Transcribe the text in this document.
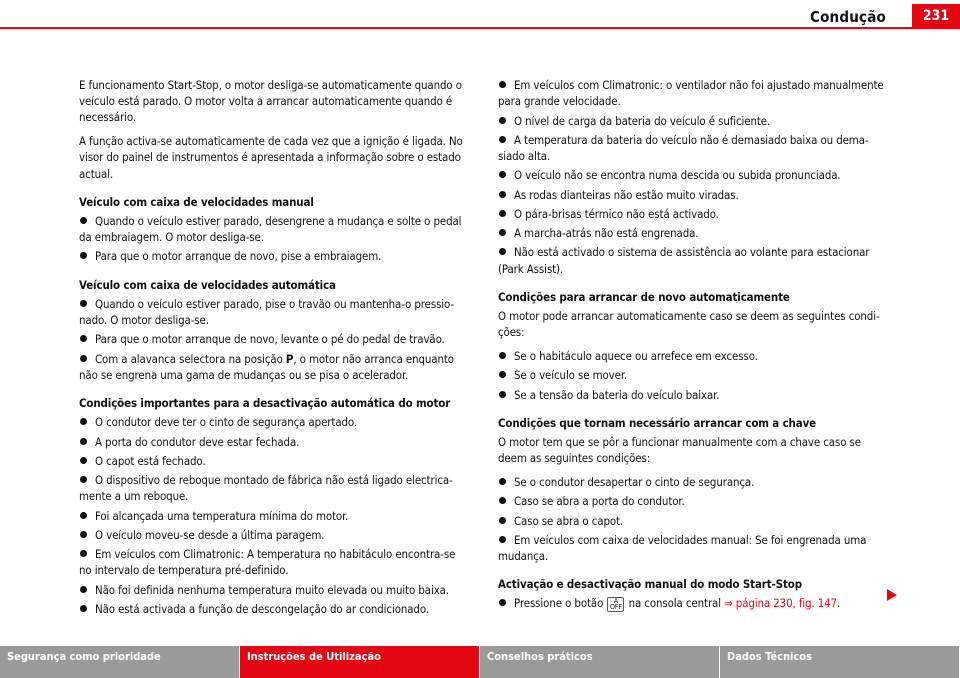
Condução	231

E funcionamento Start-Stop, o motor desliga-se automaticamente quando o veículo está parado. O motor volta a arrancar automaticamente quando é necessário.

A função activa-se automaticamente de cada vez que a ignição é ligada. No visor do painel de instrumentos é apresentada a informação sobre o estado actual.

Veículo com caixa de velocidades manual

Quando o veículo estiver parado, desengrene a mudança e solte o pedal da embraiagem. O motor desliga-se.

Para que o motor arranque de novo, pise a embraiagem.

Veículo com caixa de velocidades automática

Quando o veículo estiver parado, pise o travão ou mantenha-o pressio-nado. O motor desliga-se.

Para que o motor arranque de novo, levante o pé do pedal de travão.

Com a alavanca selectora na posição P, o motor não arranca enquanto não se engrena uma gama de mudanças ou se pisa o acelerador.

Condições importantes para a desactivação automática do motor

O condutor deve ter o cinto de segurança apertado.

A porta do condutor deve estar fechada.

O capot está fechado.

O dispositivo de reboque montado de fábrica não está ligado electrica-mente a um reboque.

Foi alcançada uma temperatura mínima do motor.

O veículo moveu-se desde a última paragem.

Em veículos com Climatronic: A temperatura no habitáculo encontra-se no intervalo de temperatura pré-definido.

Não foi definida nenhuma temperatura muito elevada ou muito baixa.

Não está activada a função de descongelação do ar condicionado.

Em veículos com Climatronic: o ventilador não foi ajustado manualmente para grande velocidade.

O nível de carga da bateria do veículo é suficiente.

A temperatura da bateria do veículo não é demasiado baixa ou dema-siado alta.

O veículo não se encontra numa descida ou subida pronunciada.

As rodas dianteiras não estão muito viradas.

O pára-brisas térmico não está activado.

A marcha-atrás não está engrenada.

Não está activado o sistema de assistência ao volante para estacionar (Park Assist).

Condições para arrancar de novo automaticamente

O motor pode arrancar automaticamente caso se deem as seguintes condi-ções:

Se o habitáculo aquece ou arrefece em excesso.

Se o veículo se mover.

Se a tensão da bateria do veículo baixar.

Condições que tornam necessário arrancar com a chave

O motor tem que se pôr a funcionar manualmente com a chave caso se deem as seguintes condições:

Se o condutor desapertar o cinto de segurança.

Caso se abra a porta do condutor.

Caso se abra o capot.

Em veículos com caixa de velocidades manual: Se foi engrenada uma mudança.

Activação e desactivação manual do modo Start-Stop

Pressione o botão A
OFF na consola central ⇒ página 230, fig. 147.

Segurança como prioridade	Instruções de Utilização	Conselhos práticos	Dados Técnicos
